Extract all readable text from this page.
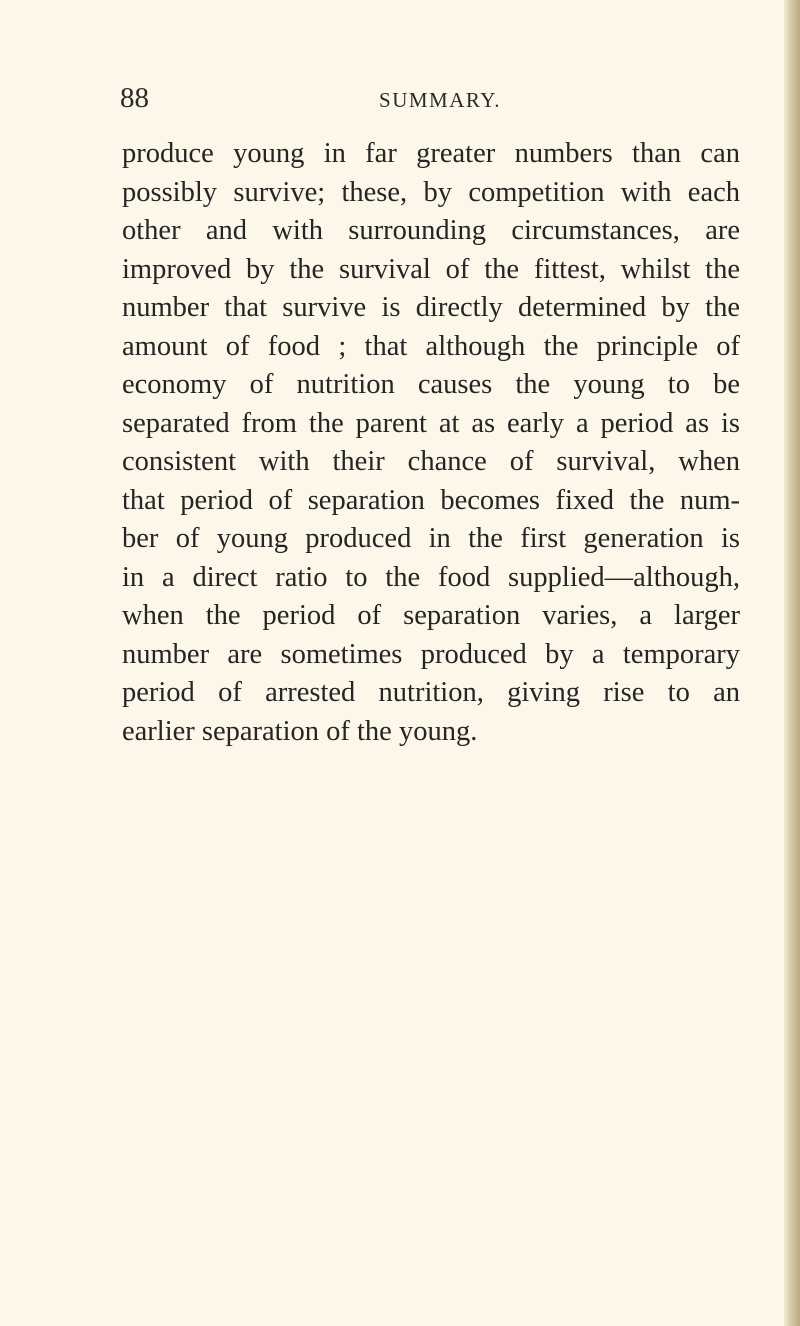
88	SUMMARY.

produce young in far greater numbers than can
possibly survive; these, by competition with each
other and with surrounding circumstances, are
improved by the survival of the fittest, whilst the
number that survive is directly determined by the
amount of food ; that although the principle of
economy of nutrition causes the young to be
separated from the parent at as early a period as is
consistent with their chance of survival, when
that period of separation becomes fixed the num-
ber of young produced in the first generation is
in a direct ratio to the food supplied—although,
when the period of separation varies, a larger
number are sometimes produced by a temporary
period of arrested nutrition, giving rise to an
earlier separation of the young.
